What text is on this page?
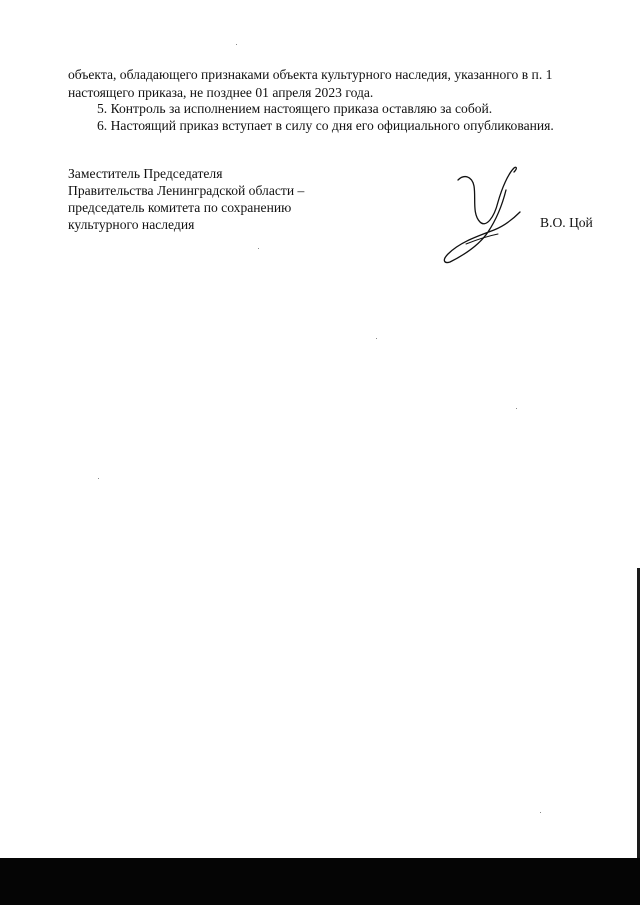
объекта, обладающего признаками объекта культурного наследия, указанного в п. 1
настоящего приказа, не позднее 01 апреля 2023 года.
5. Контроль за исполнением настоящего приказа оставляю за собой.
6. Настоящий приказ вступает в силу со дня его официального опубликования.
Заместитель Председателя
Правительства Ленинградской области –
председатель комитета по сохранению
культурного наследия	В.О. Цой
